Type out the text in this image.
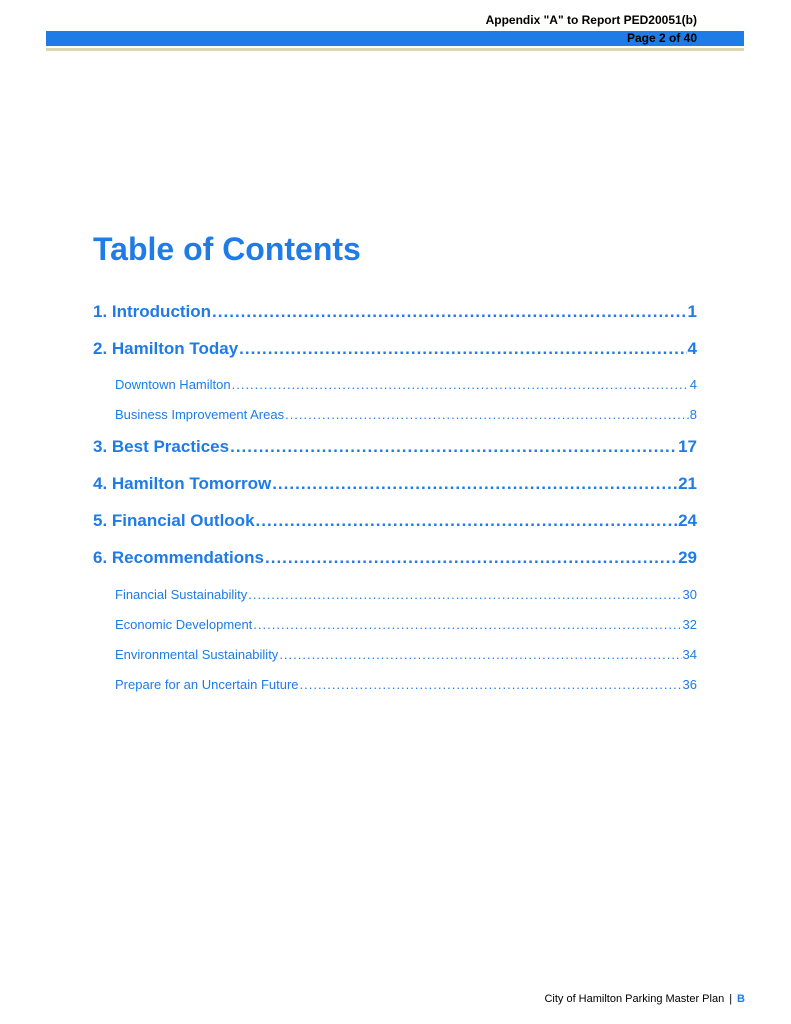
Appendix "A" to Report PED20051(b)
Page 2 of 40
Table of Contents
1. Introduction .....	1
2. Hamilton Today .....	4
Downtown Hamilton .....	4
Business Improvement Areas .....	8
3. Best Practices .....	17
4. Hamilton Tomorrow .....	21
5. Financial Outlook .....	24
6. Recommendations .....	29
Financial Sustainability .....	30
Economic Development .....	32
Environmental Sustainability .....	34
Prepare for an Uncertain Future .....	36
City of Hamilton Parking Master Plan | B
